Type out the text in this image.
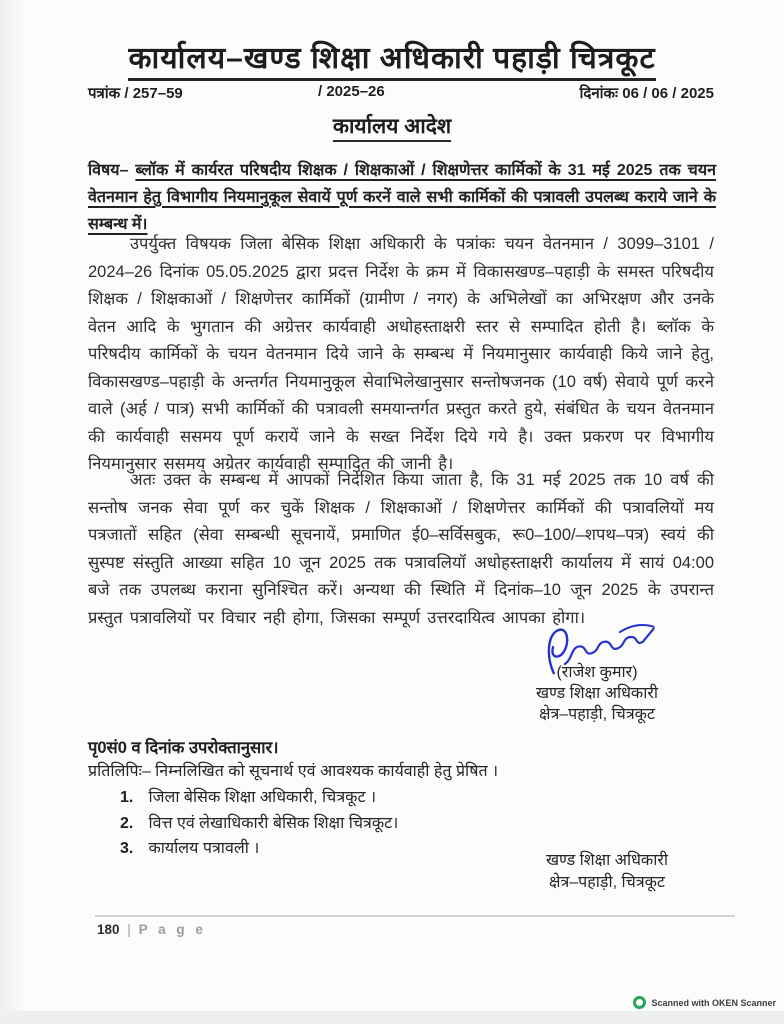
कार्यालय–खण्ड शिक्षा अधिकारी पहाड़ी चित्रकूट
पत्रांक / 257–59	/ 2025–26	दिनांकः 06 / 06 / 2025
कार्यालय आदेश
विषय– ब्लॉक में कार्यरत परिषदीय शिक्षक / शिक्षकाओं / शिक्षणेत्तर कार्मिकों के 31 मई 2025 तक चयन वेतनमान हेतु विभागीय नियमानुकूल सेवायें पूर्ण करनें वाले सभी कार्मिकों की पत्रावली उपलब्ध कराये जाने के सम्बन्ध में।
उपर्युक्त विषयक जिला बेसिक शिक्षा अधिकारी के पत्रांकः चयन वेतनमान / 3099–3101 / 2024–26 दिनांक 05.05.2025 द्वारा प्रदत्त निर्देश के क्रम में विकासखण्ड–पहाड़ी के समस्त परिषदीय शिक्षक / शिक्षकाओं / शिक्षणेत्तर कार्मिकों (ग्रामीण / नगर) के अभिलेखों का अभिरक्षण और उनके वेतन आदि के भुगतान की अग्रेत्तर कार्यवाही अधोहस्ताक्षरी स्तर से सम्पादित होती है। ब्लॉक के परिषदीय कार्मिकों के चयन वेतनमान दिये जाने के सम्बन्ध में नियमानुसार कार्यवाही किये जाने हेतु, विकासखण्ड–पहाड़ी के अन्तर्गत नियमानुकूल सेवाभिलेखानुसार सन्तोषजनक (10 वर्ष) सेवाये पूर्ण करने वाले (अर्ह / पात्र) सभी कार्मिकों की पत्रावली समयान्तर्गत प्रस्तुत करते हुये, संबंधित के चयन वेतनमान की कार्यवाही ससमय पूर्ण करायें जाने के सख्त निर्देश दिये गये है। उक्त प्रकरण पर विभागीय नियमानुसार ससमय अग्रेतर कार्यवाही सम्पादित की जानी है।
अतः उक्त के सम्बन्ध में आपकों निर्देशित किया जाता है, कि 31 मई 2025 तक 10 वर्ष की सन्तोष जनक सेवा पूर्ण कर चुकें शिक्षक / शिक्षकाओं / शिक्षणेत्तर कार्मिकों की पत्रावलियों मय पत्रजातों सहित (सेवा सम्बन्धी सूचनायें, प्रमाणित ई0–सर्विसबुक, रू0–100/–शपथ–पत्र) स्वयं की सुस्पष्ट संस्तुति आख्या सहित 10 जून 2025 तक पत्रावलियॉ अधोहस्ताक्षरी कार्यालय में सायं 04:00 बजे तक उपलब्ध कराना सुनिश्चित करें। अन्यथा की स्थिति में दिनांक–10 जून 2025 के उपरान्त प्रस्तुत पत्रावलियों पर विचार नही होगा, जिसका सम्पूर्ण उत्तरदायित्व आपका होगा।
(राजेश कुमार)
खण्ड शिक्षा अधिकारी
क्षेत्र–पहाड़ी, चित्रकूट
पृ0सं0 व दिनांक उपरोक्तानुसार।
प्रतिलिपिः– निम्नलिखित को सूचनार्थ एवं आवश्यक कार्यवाही हेतु प्रेषित ।
1. जिला बेसिक शिक्षा अधिकारी, चित्रकूट ।
2. वित्त एवं लेखाधिकारी बेसिक शिक्षा चित्रकूट।
3. कार्यालय पत्रावली ।
खण्ड शिक्षा अधिकारी
क्षेत्र–पहाड़ी, चित्रकूट
180 | P a g e
Scanned with OKEN Scanner
